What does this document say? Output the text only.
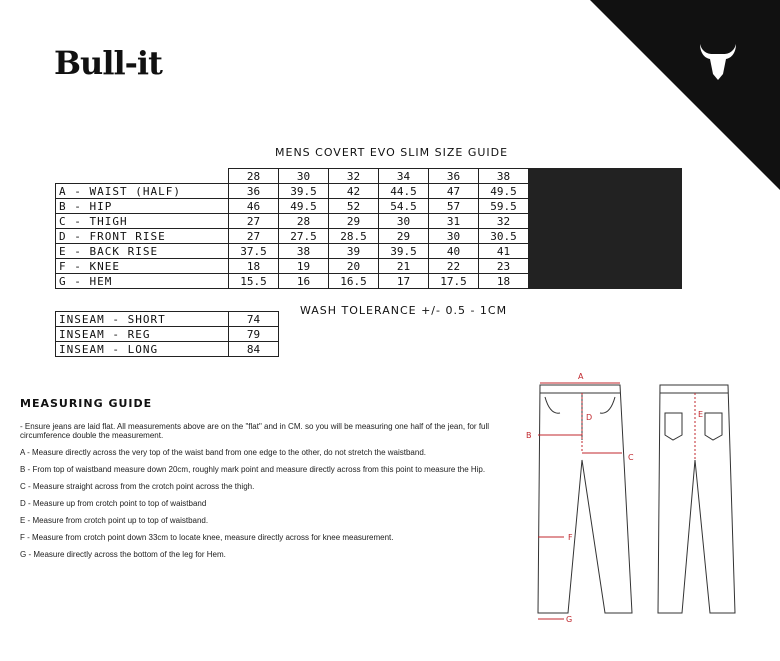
Bull-it
MENS COVERT EVO SLIM SIZE GUIDE
	28	30	32	34	36	38			
A - WAIST (HALF)	36	39.5	42	44.5	47	49.5			
B - HIP	46	49.5	52	54.5	57	59.5			
C - THIGH	27	28	29	30	31	32			
D - FRONT RISE	27	27.5	28.5	29	30	30.5			
E - BACK RISE	37.5	38	39	39.5	40	41			
F - KNEE	18	19	20	21	22	23			
G - HEM	15.5	16	16.5	17	17.5	18			
WASH TOLERANCE +/- 0.5 - 1CM
INSEAM - SHORT	74
INSEAM - REG	79
INSEAM - LONG	84
MEASURING GUIDE

- Ensure jeans are laid flat. All measurements above are on the "flat" and in CM. so you will be measuring one half of the jean, for full circumference double the measurement.

A - Measure directly across the very top of the waist band from one edge to the other, do not stretch the waistband.

B - From top of waistband measure down 20cm, roughly mark point and measure directly across from this point to measure the Hip.

C - Measure straight across from the crotch point across the thigh.

D - Measure up from crotch point to top of waistband

E - Measure from crotch point up to top of waistband.

F - Measure from crotch point down 33cm to locate knee, measure directly across for knee measurement.

G - Measure directly across the bottom of the leg for Hem.

A
B
C
D	E
F
G
